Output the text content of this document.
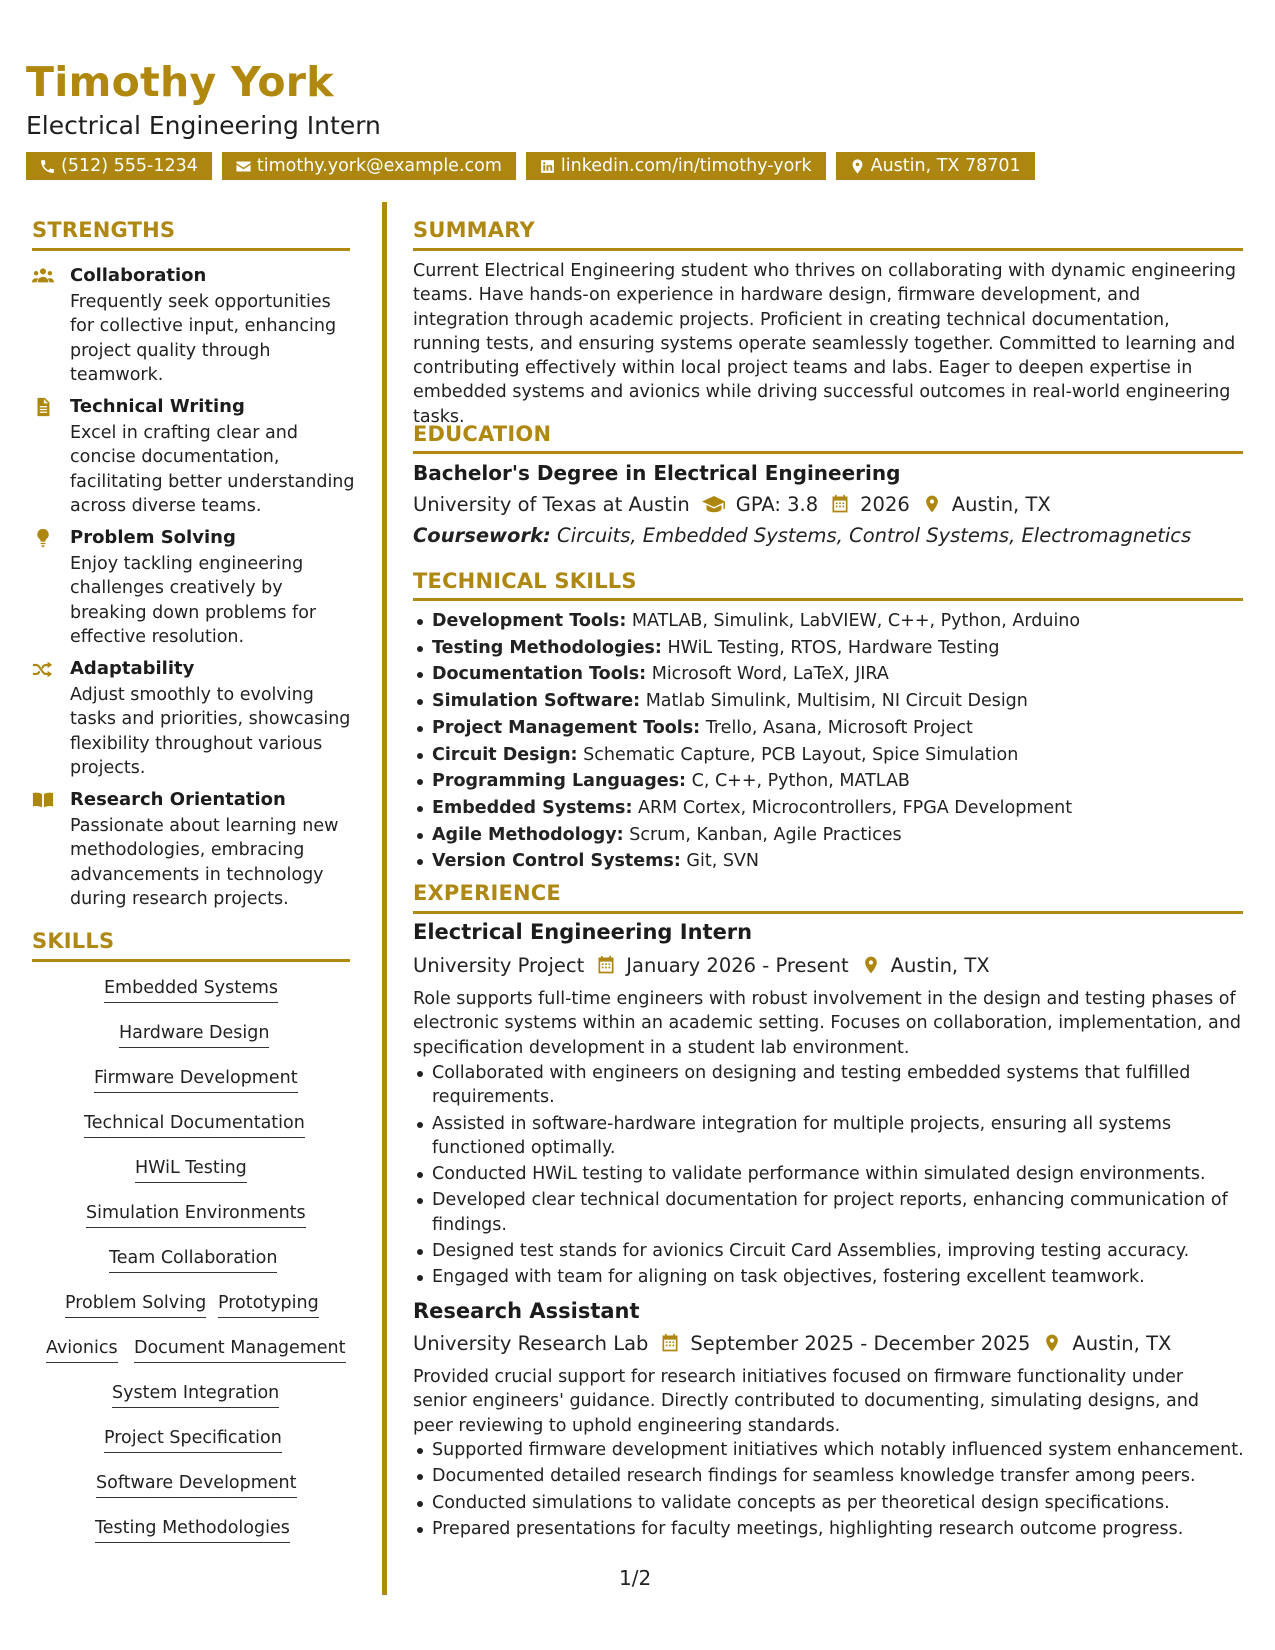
Timothy York
Electrical Engineering Intern
(512) 555-1234	timothy.york@example.com	linkedin.com/in/timothy-york	Austin, TX 78701
STRENGTHS
Collaboration

Frequently seek opportunities for collective input, enhancing project quality through teamwork.

Technical Writing

Excel in crafting clear and concise documentation, facilitating better understanding across diverse teams.

Problem Solving

Enjoy tackling engineering challenges creatively by breaking down problems for effective resolution.

Adaptability

Adjust smoothly to evolving tasks and priorities, showcasing flexibility throughout various projects.

Research Orientation

Passionate about learning new methodologies, embracing advancements in technology during research projects.

SKILLS
Embedded Systems
Hardware Design
Firmware Development
Technical Documentation
HWiL Testing
Simulation Environments
Team Collaboration
Problem Solving Prototyping
Avionics Document Management
System Integration
Project Specification
Software Development
Testing Methodologies
SUMMARY

Current Electrical Engineering student who thrives on collaborating with dynamic engineering teams. Have hands-on experience in hardware design, firmware development, and integration through academic projects. Proficient in creating technical documentation, running tests, and ensuring systems operate seamlessly together. Committed to learning and contributing effectively within local project teams and labs. Eager to deepen expertise in embedded systems and avionics while driving successful outcomes in real-world engineering tasks.

EDUCATION
Bachelor's Degree in Electrical Engineering
University of Texas at Austin GPA: 3.8 2026 Austin, TX
Coursework: Circuits, Embedded Systems, Control Systems, Electromagnetics
TECHNICAL SKILLS
Development Tools: MATLAB, Simulink, LabVIEW, C++, Python, Arduino
Testing Methodologies: HWiL Testing, RTOS, Hardware Testing
Documentation Tools: Microsoft Word, LaTeX, JIRA
Simulation Software: Matlab Simulink, Multisim, NI Circuit Design
Project Management Tools: Trello, Asana, Microsoft Project
Circuit Design: Schematic Capture, PCB Layout, Spice Simulation
Programming Languages: C, C++, Python, MATLAB
Embedded Systems: ARM Cortex, Microcontrollers, FPGA Development
Agile Methodology: Scrum, Kanban, Agile Practices
Version Control Systems: Git, SVN
EXPERIENCE
Electrical Engineering Intern
University Project January 2026 - Present Austin, TX

Role supports full-time engineers with robust involvement in the design and testing phases of electronic systems within an academic setting. Focuses on collaboration, implementation, and specification development in a student lab environment.

Collaborated with engineers on designing and testing embedded systems that fulfilled requirements.
Assisted in software-hardware integration for multiple projects, ensuring all systems functioned optimally.
Conducted HWiL testing to validate performance within simulated design environments.
Developed clear technical documentation for project reports, enhancing communication of findings.
Designed test stands for avionics Circuit Card Assemblies, improving testing accuracy.
Engaged with team for aligning on task objectives, fostering excellent teamwork.
Research Assistant
University Research Lab September 2025 - December 2025 Austin, TX

Provided crucial support for research initiatives focused on firmware functionality under senior engineers' guidance. Directly contributed to documenting, simulating designs, and peer reviewing to uphold engineering standards.

Supported firmware development initiatives which notably influenced system enhancement.
Documented detailed research findings for seamless knowledge transfer among peers.
Conducted simulations to validate concepts as per theoretical design specifications.
Prepared presentations for faculty meetings, highlighting research outcome progress.
1/2
